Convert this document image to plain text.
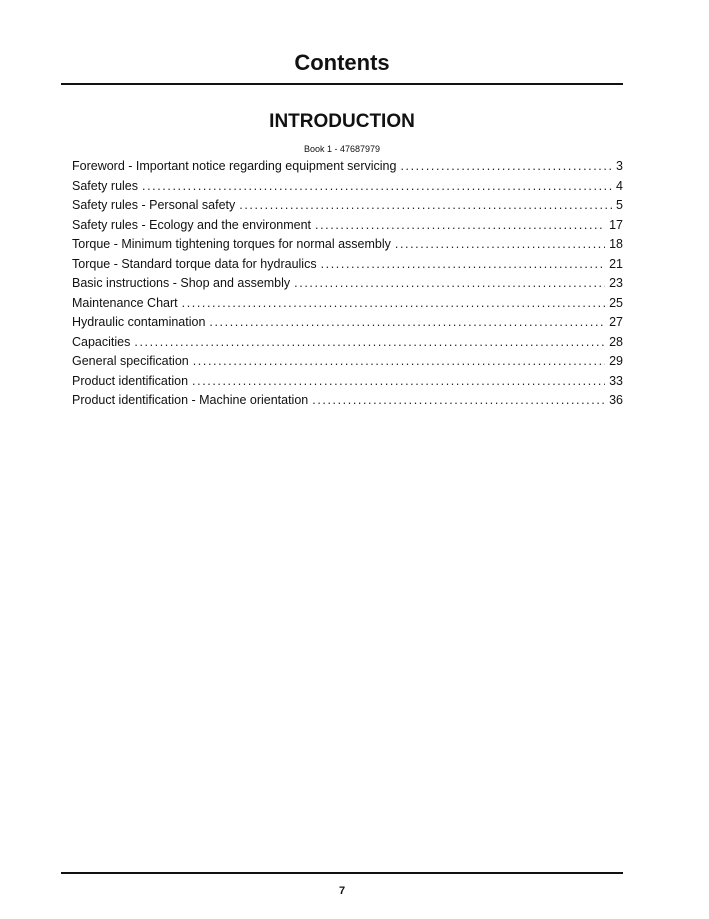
Contents
INTRODUCTION
Book 1 - 47687979
Foreword - Important notice regarding equipment servicing .....	3
Safety rules .....	4
Safety rules - Personal safety .....	5
Safety rules - Ecology and the environment .....	17
Torque - Minimum tightening torques for normal assembly .....	18
Torque - Standard torque data for hydraulics .....	21
Basic instructions - Shop and assembly .....	23
Maintenance Chart .....	25
Hydraulic contamination .....	27
Capacities .....	28
General specification .....	29
Product identification .....	33
Product identification - Machine orientation .....	36
7
